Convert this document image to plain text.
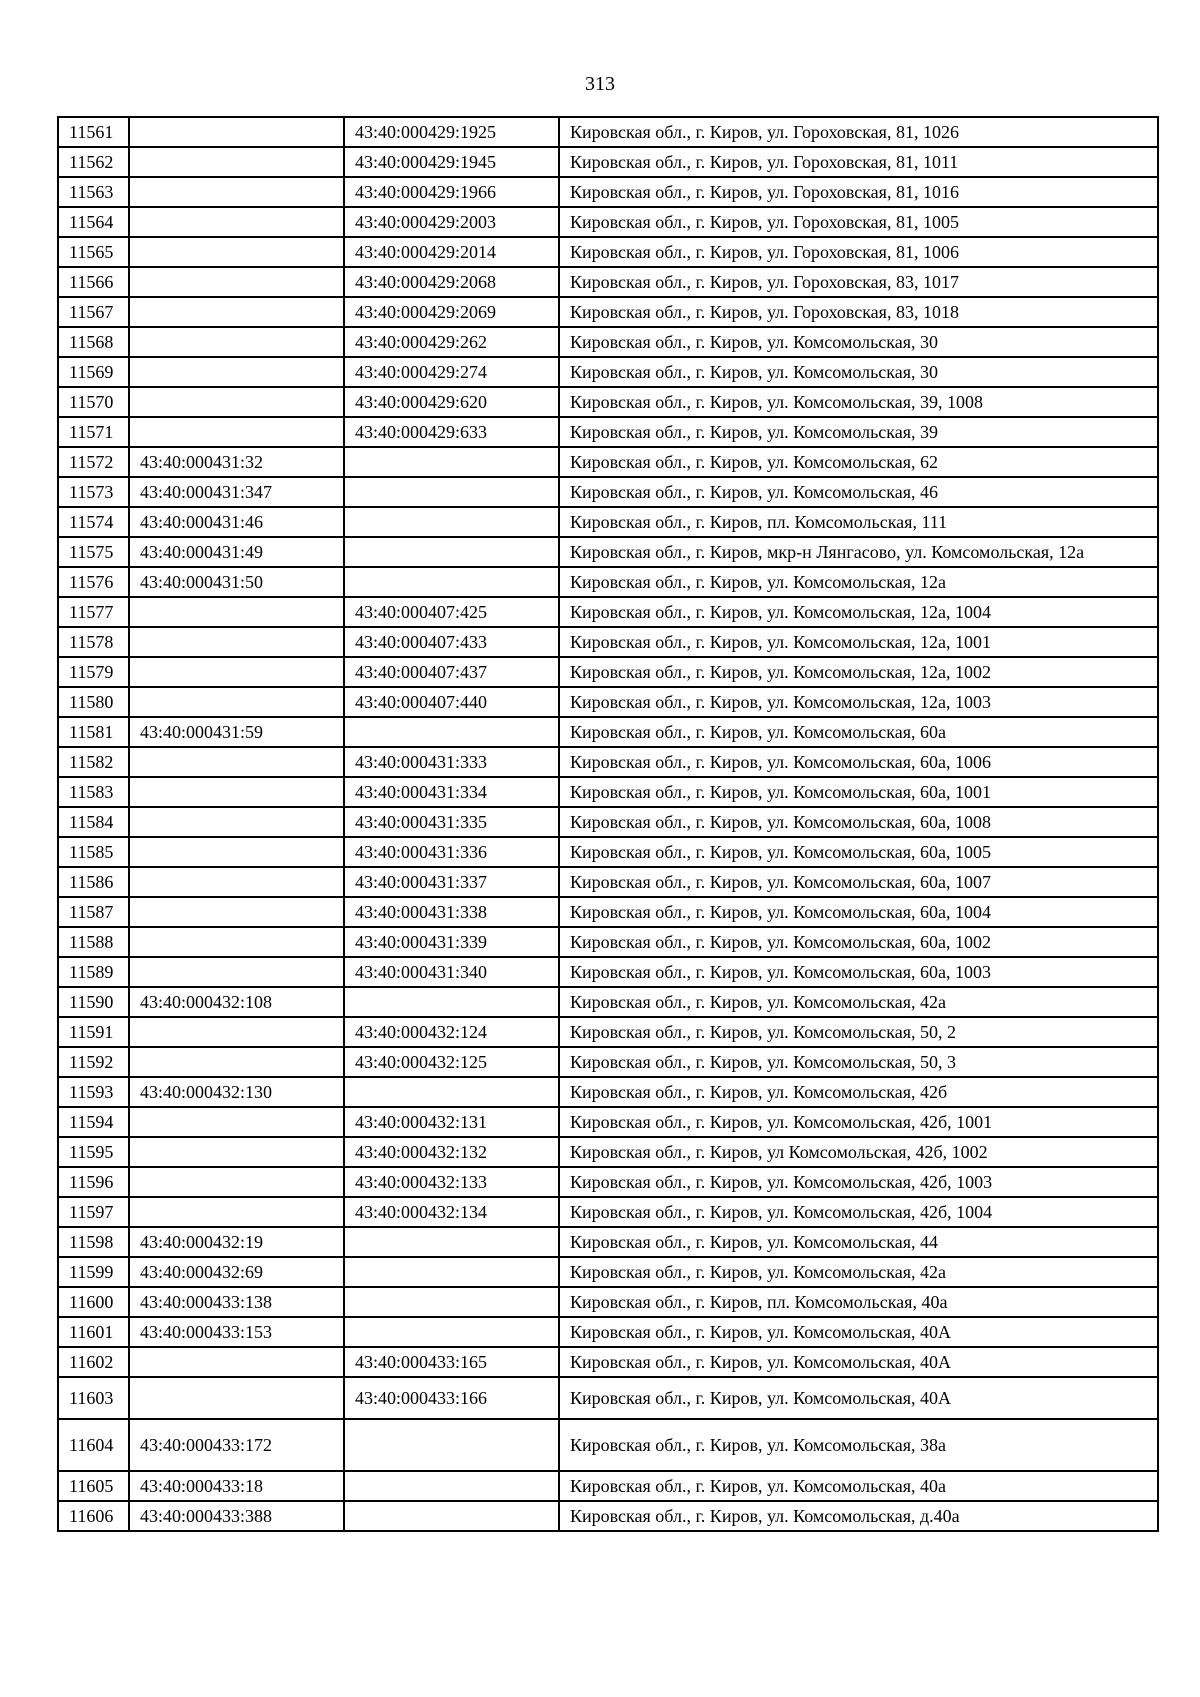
313
11561		43:40:000429:1925	Кировская обл., г. Киров, ул. Гороховская, 81, 1026
11562		43:40:000429:1945	Кировская обл., г. Киров, ул. Гороховская, 81, 1011
11563		43:40:000429:1966	Кировская обл., г. Киров, ул. Гороховская, 81, 1016
11564		43:40:000429:2003	Кировская обл., г. Киров, ул. Гороховская, 81, 1005
11565		43:40:000429:2014	Кировская обл., г. Киров, ул. Гороховская, 81, 1006
11566		43:40:000429:2068	Кировская обл., г. Киров, ул. Гороховская, 83, 1017
11567		43:40:000429:2069	Кировская обл., г. Киров, ул. Гороховская, 83, 1018
11568		43:40:000429:262	Кировская обл., г. Киров, ул. Комсомольская, 30
11569		43:40:000429:274	Кировская обл., г. Киров, ул. Комсомольская, 30
11570		43:40:000429:620	Кировская обл., г. Киров, ул. Комсомольская, 39, 1008
11571		43:40:000429:633	Кировская обл., г. Киров, ул. Комсомольская, 39
11572	43:40:000431:32		Кировская обл., г. Киров, ул. Комсомольская, 62
11573	43:40:000431:347		Кировская обл., г. Киров, ул. Комсомольская, 46
11574	43:40:000431:46		Кировская обл., г. Киров, пл. Комсомольская, 111
11575	43:40:000431:49		Кировская обл., г. Киров, мкр-н Лянгасово, ул. Комсомольская, 12а
11576	43:40:000431:50		Кировская обл., г. Киров, ул. Комсомольская, 12а
11577		43:40:000407:425	Кировская обл., г. Киров, ул. Комсомольская, 12а, 1004
11578		43:40:000407:433	Кировская обл., г. Киров, ул. Комсомольская, 12а, 1001
11579		43:40:000407:437	Кировская обл., г. Киров, ул. Комсомольская, 12а, 1002
11580		43:40:000407:440	Кировская обл., г. Киров, ул. Комсомольская, 12а, 1003
11581	43:40:000431:59		Кировская обл., г. Киров, ул. Комсомольская, 60а
11582		43:40:000431:333	Кировская обл., г. Киров, ул. Комсомольская, 60а, 1006
11583		43:40:000431:334	Кировская обл., г. Киров, ул. Комсомольская, 60а, 1001
11584		43:40:000431:335	Кировская обл., г. Киров, ул. Комсомольская, 60а, 1008
11585		43:40:000431:336	Кировская обл., г. Киров, ул. Комсомольская, 60а, 1005
11586		43:40:000431:337	Кировская обл., г. Киров, ул. Комсомольская, 60а, 1007
11587		43:40:000431:338	Кировская обл., г. Киров, ул. Комсомольская, 60а, 1004
11588		43:40:000431:339	Кировская обл., г. Киров, ул. Комсомольская, 60а, 1002
11589		43:40:000431:340	Кировская обл., г. Киров, ул. Комсомольская, 60а, 1003
11590	43:40:000432:108		Кировская обл., г. Киров, ул. Комсомольская, 42а
11591		43:40:000432:124	Кировская обл., г. Киров, ул. Комсомольская, 50, 2
11592		43:40:000432:125	Кировская обл., г. Киров, ул. Комсомольская, 50, 3
11593	43:40:000432:130		Кировская обл., г. Киров, ул. Комсомольская, 42б
11594		43:40:000432:131	Кировская обл., г. Киров, ул. Комсомольская, 42б, 1001
11595		43:40:000432:132	Кировская обл., г. Киров, ул Комсомольская, 42б, 1002
11596		43:40:000432:133	Кировская обл., г. Киров, ул. Комсомольская, 42б, 1003
11597		43:40:000432:134	Кировская обл., г. Киров, ул. Комсомольская, 42б, 1004
11598	43:40:000432:19		Кировская обл., г. Киров, ул. Комсомольская, 44
11599	43:40:000432:69		Кировская обл., г. Киров, ул. Комсомольская, 42а
11600	43:40:000433:138		Кировская обл., г. Киров, пл. Комсомольская, 40а
11601	43:40:000433:153		Кировская обл., г. Киров, ул. Комсомольская, 40А
11602		43:40:000433:165	Кировская обл., г. Киров, ул. Комсомольская, 40А
11603		43:40:000433:166	Кировская обл., г. Киров, ул. Комсомольская, 40А
11604	43:40:000433:172		Кировская обл., г. Киров, ул. Комсомольская, 38а
11605	43:40:000433:18		Кировская обл., г. Киров, ул. Комсомольская, 40а
11606	43:40:000433:388		Кировская обл., г. Киров, ул. Комсомольская, д.40а
